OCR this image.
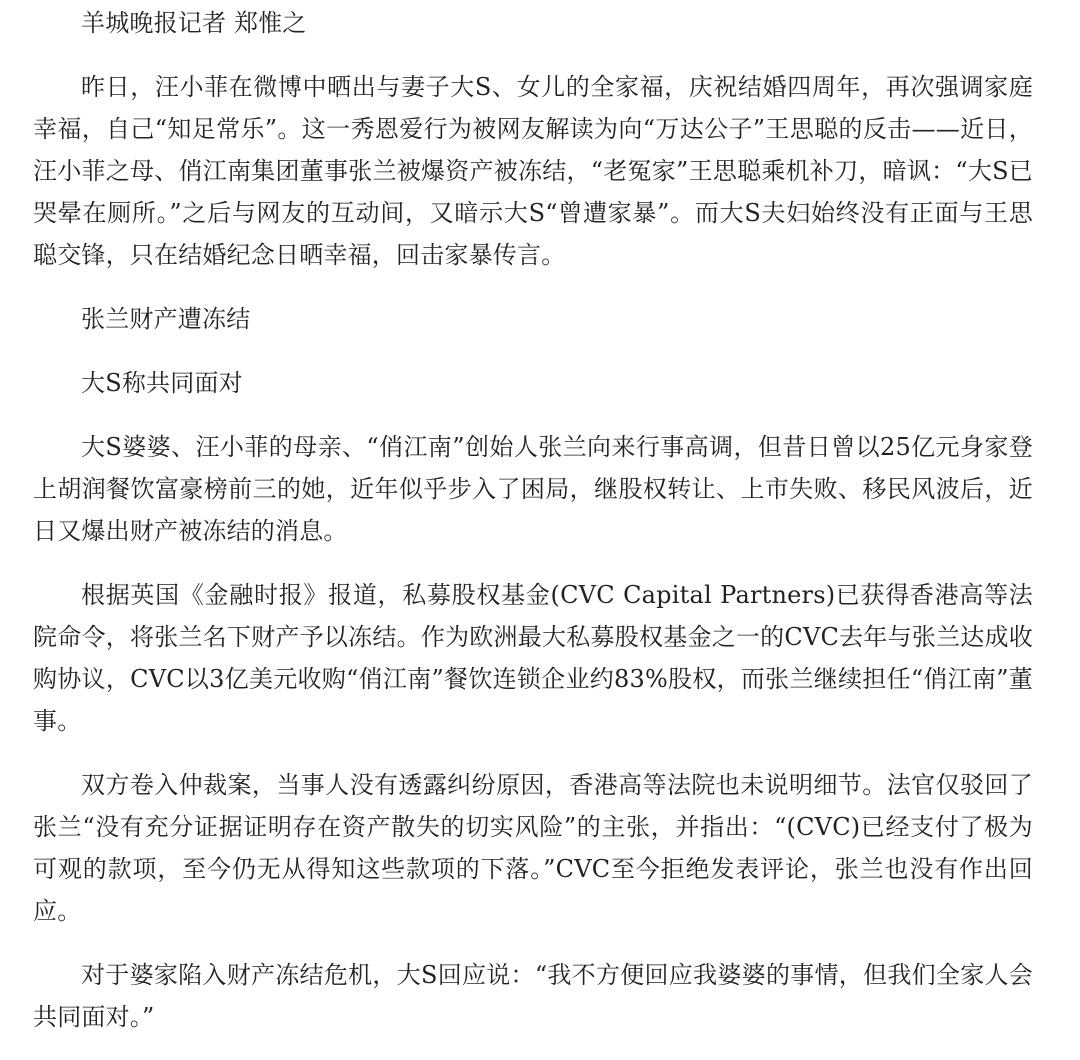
羊城晚报记者 郑惟之

昨日，汪小菲在微博中晒出与妻子大S、女儿的全家福，庆祝结婚四周年，再次强调家庭幸福，自己“知足常乐”。这一秀恩爱行为被网友解读为向“万达公子”王思聪的反击——近日，汪小菲之母、俏江南集团董事张兰被爆资产被冻结，“老冤家”王思聪乘机补刀，暗讽：“大S已哭晕在厕所。”之后与网友的互动间，又暗示大S“曾遭家暴”。而大S夫妇始终没有正面与王思聪交锋，只在结婚纪念日晒幸福，回击家暴传言。

张兰财产遭冻结

大S称共同面对

大S婆婆、汪小菲的母亲、“俏江南”创始人张兰向来行事高调，但昔日曾以25亿元身家登上胡润餐饮富豪榜前三的她，近年似乎步入了困局，继股权转让、上市失败、移民风波后，近日又爆出财产被冻结的消息。

根据英国《金融时报》报道，私募股权基金(CVC Capital Partners)已获得香港高等法院命令，将张兰名下财产予以冻结。作为欧洲最大私募股权基金之一的CVC去年与张兰达成收购协议，CVC以3亿美元收购“俏江南”餐饮连锁企业约83%股权，而张兰继续担任“俏江南”董事。

双方卷入仲裁案，当事人没有透露纠纷原因，香港高等法院也未说明细节。法官仅驳回了张兰“没有充分证据证明存在资产散失的切实风险”的主张，并指出：“(CVC)已经支付了极为可观的款项，至今仍无从得知这些款项的下落。”CVC至今拒绝发表评论，张兰也没有作出回应。

对于婆家陷入财产冻结危机，大S回应说：“我不方便回应我婆婆的事情，但我们全家人会共同面对。”
